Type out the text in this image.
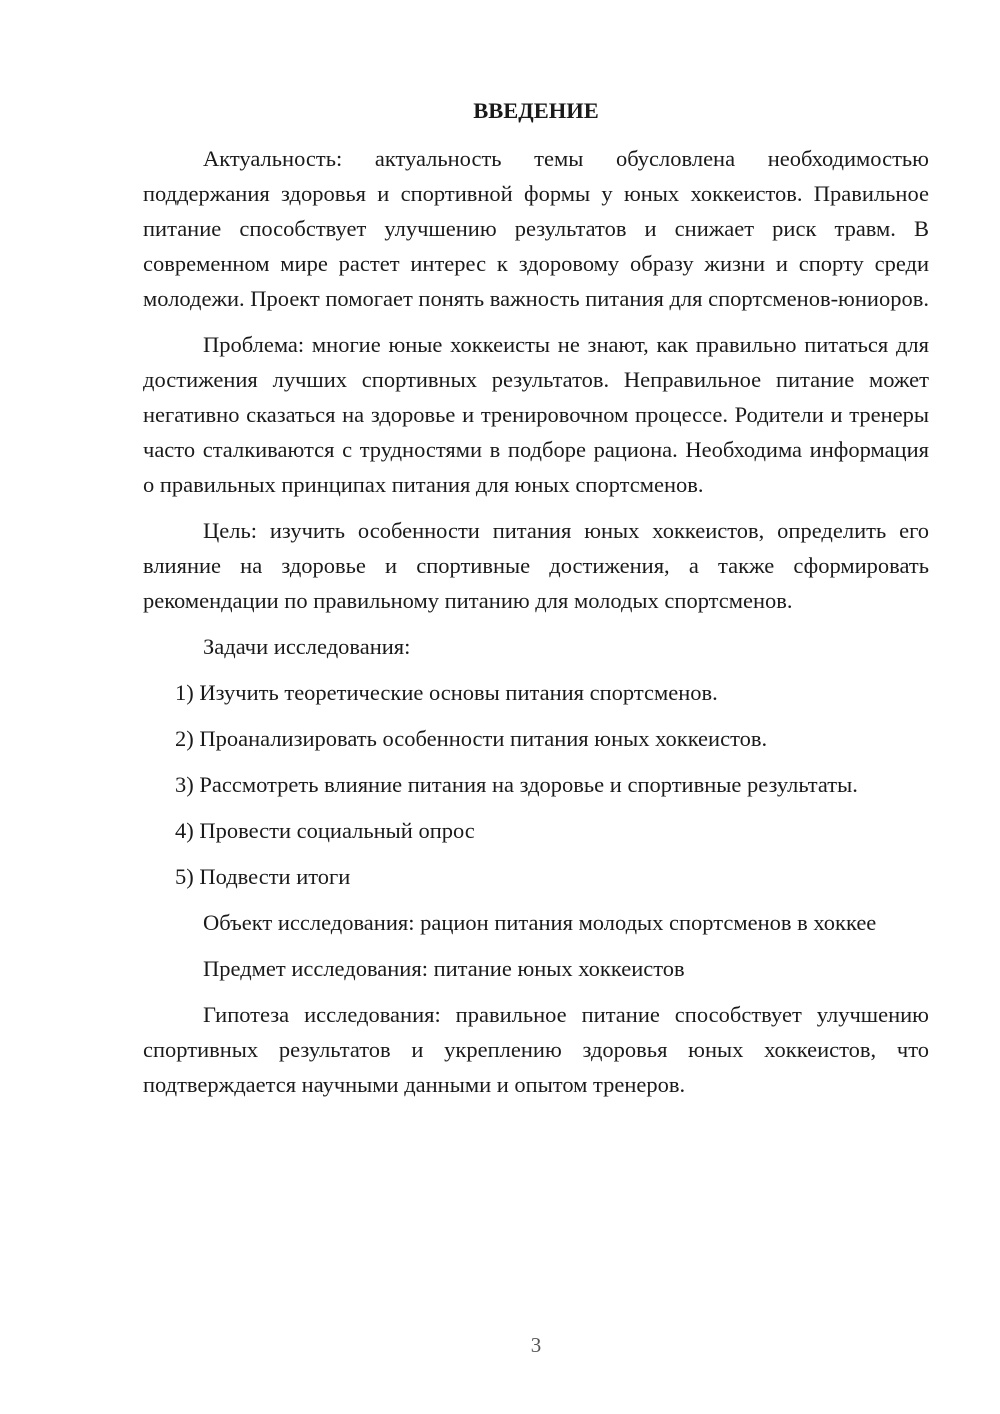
ВВЕДЕНИЕ

Актуальность: актуальность темы обусловлена необходимостью поддержания здоровья и спортивной формы у юных хоккеистов. Правильное питание способствует улучшению результатов и снижает риск травм. В современном мире растет интерес к здоровому образу жизни и спорту среди молодежи. Проект помогает понять важность питания для спортсменов-юниоров.

Проблема: многие юные хоккеисты не знают, как правильно питаться для достижения лучших спортивных результатов. Неправильное питание может негативно сказаться на здоровье и тренировочном процессе. Родители и тренеры часто сталкиваются с трудностями в подборе рациона. Необходима информация о правильных принципах питания для юных спортсменов.

Цель: изучить особенности питания юных хоккеистов, определить его влияние на здоровье и спортивные достижения, а также сформировать рекомендации по правильному питанию для молодых спортсменов.

Задачи исследования:

1) Изучить теоретические основы питания спортсменов.

2) Проанализировать особенности питания юных хоккеистов.

3) Рассмотреть влияние питания на здоровье и спортивные результаты.

4) Провести социальный опрос

5) Подвести итоги

Объект исследования: рацион питания молодых спортсменов в хоккее

Предмет исследования: питание юных хоккеистов

Гипотеза исследования: правильное питание способствует улучшению спортивных результатов и укреплению здоровья юных хоккеистов, что подтверждается научными данными и опытом тренеров.

3
